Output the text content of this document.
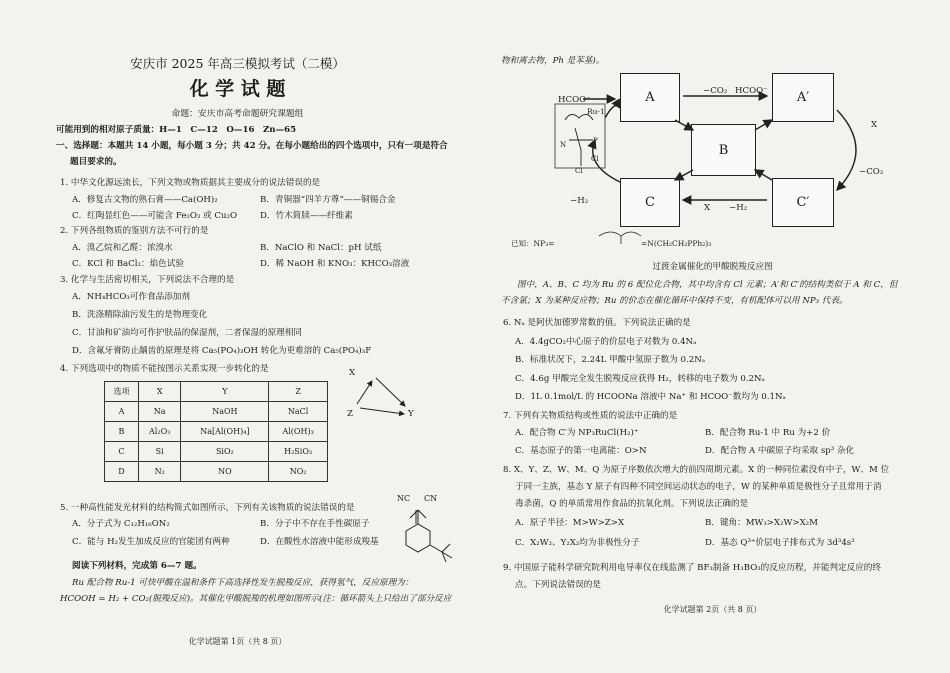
安庆市 2025 年高三模拟考试（二模）
化 学 试 题
命题：安庆市高考命题研究课题组
可能用到的相对原子质量：H—1　C—12　O—16　Zn—65
一、选择题：本题共 14 小题，每小题 3 分；共 42 分。在每小题给出的四个选项中，只有一项是符合
题目要求的。
1. 中华文化源远流长，下列文物或物质据其主要成分的说法错误的是
A．修复古文物的熟石膏——Ca(OH)₂	B．青铜器“四羊方尊”——铜锡合金
C．红陶显红色——可能含 Fe₂O₃ 或 Cu₂O	D．竹木简牍——纤维素
2. 下列各组物质的鉴别方法不可行的是
A．溴乙烷和乙醛：浓溴水	B．NaClO 和 NaCl：pH 试纸
C．KCl 和 BaCl₂：焰色试验	D．稀 NaOH 和 KNO₃：KHCO₃溶液
3. 化学与生活密切相关，下列说法不合理的是
A．NH₄HCO₃可作食品添加剂
B．洗涤精除油污发生的是物理变化
C．甘油和矿油均可作护肤品的保湿剂，二者保湿的原理相同
D．含氟牙膏防止龋齿的原理是将 Ca₅(PO₄)₃OH 转化为更难溶的 Ca₅(PO₄)₃F
4. 下列选项中的物质不能按图示关系实现一步转化的是
选项	X	Y	Z
A	Na	NaOH	NaCl
B	Al₂O₃	Na[Al(OH)₄]	Al(OH)₃
C	Si	SiO₂	H₂SiO₃
D	N₂	NO	NO₂
X
Y
Z
NC CN
5. 一种高性能发光材料的结构简式如图所示，下列有关该物质的说法错误的是
A．分子式为 C₁₂H₁₆ON₂	B．分子中不存在手性碳原子
C．能与 H₂发生加成反应的官能团有两种	D．在酸性水溶液中能形成羧基
阅读下列材料，完成第 6—7 题。
Ru 配合物 Ru-1 可快甲酸在温和条件下高选择性发生脱羧反应，获得氢气，反应原理为：
HCOOH = H₂ + CO₂(脱羧反应)。其催化甲酸脱羧的机理如图所示(注：循环箭头上只给出了部分反应
化学试题第 1页（共 8 页）
物和离去物，Ph 是苯基)。
A	A′
B
C	C′
HCOO⁻
−CO₂ HCOO⁻
X
−CO₂
X −H₂
−H₂
Ru-1
Cl
Cl
N	P
已知：NP₃=	=N(CH₂CH₂PPh₂)₃
过渡金属催化的甲酸脱羧反应图
图中，A、B、C 均为 Ru 的 6 配位化合物，其中均含有 Cl 元素；A′和 C′的结构类似于 A 和 C，但
不含氯；X 为某种反应物；Ru 的价态在催化循环中保持不变，有机配体可以用 NP₃ 代表。
6. Nₐ 是阿伏加德罗常数的值。下列说法正确的是
A．4.4gCO₂中心原子的价层电子对数为 0.4Nₐ
B．标准状况下，2.24L 甲酸中氢原子数为 0.2Nₐ
C．4.6g 甲酸完全发生脱羧反应获得 H₂，转移的电子数为 0.2Nₐ
D．1L 0.1mol/L 的 HCOONa 溶液中 Na⁺ 和 HCOO⁻数均为 0.1Nₐ
7. 下列有关物质结构或性质的说法中正确的是
A．配合物 C′为 NP₃RuCl(H₂)⁺	B．配合物 Ru-1 中 Ru 为+2 价
C．基态原子的第一电离能：O>N	D．配合物 A 中碳原子均采取 sp³ 杂化
8. X、Y、Z、W、M、Q 为原子序数依次增大的前四周期元素。X 的一种同位素没有中子，W、M 位
于同一主族，基态 Y 原子有四种不同空间运动状态的电子，W 的某种单质是极性分子且常用于消
毒杀菌，Q 的单质常用作食品的抗氧化剂。下列说法正确的是
A．原子半径：M>W>Z>X	B．键角：MW₃>X₂W>X₂M
C．X₂W₂、Y₂X₂均为非极性分子	D．基态 Q³⁺价层电子排布式为 3d³4s²
9. 中国原子能科学研究院利用电导率仪在线监测了 BF₃制备 H₃BO₃的反应历程，并能判定反应的终
点。下列说法错误的是
化学试题第 2页（共 8 页）
